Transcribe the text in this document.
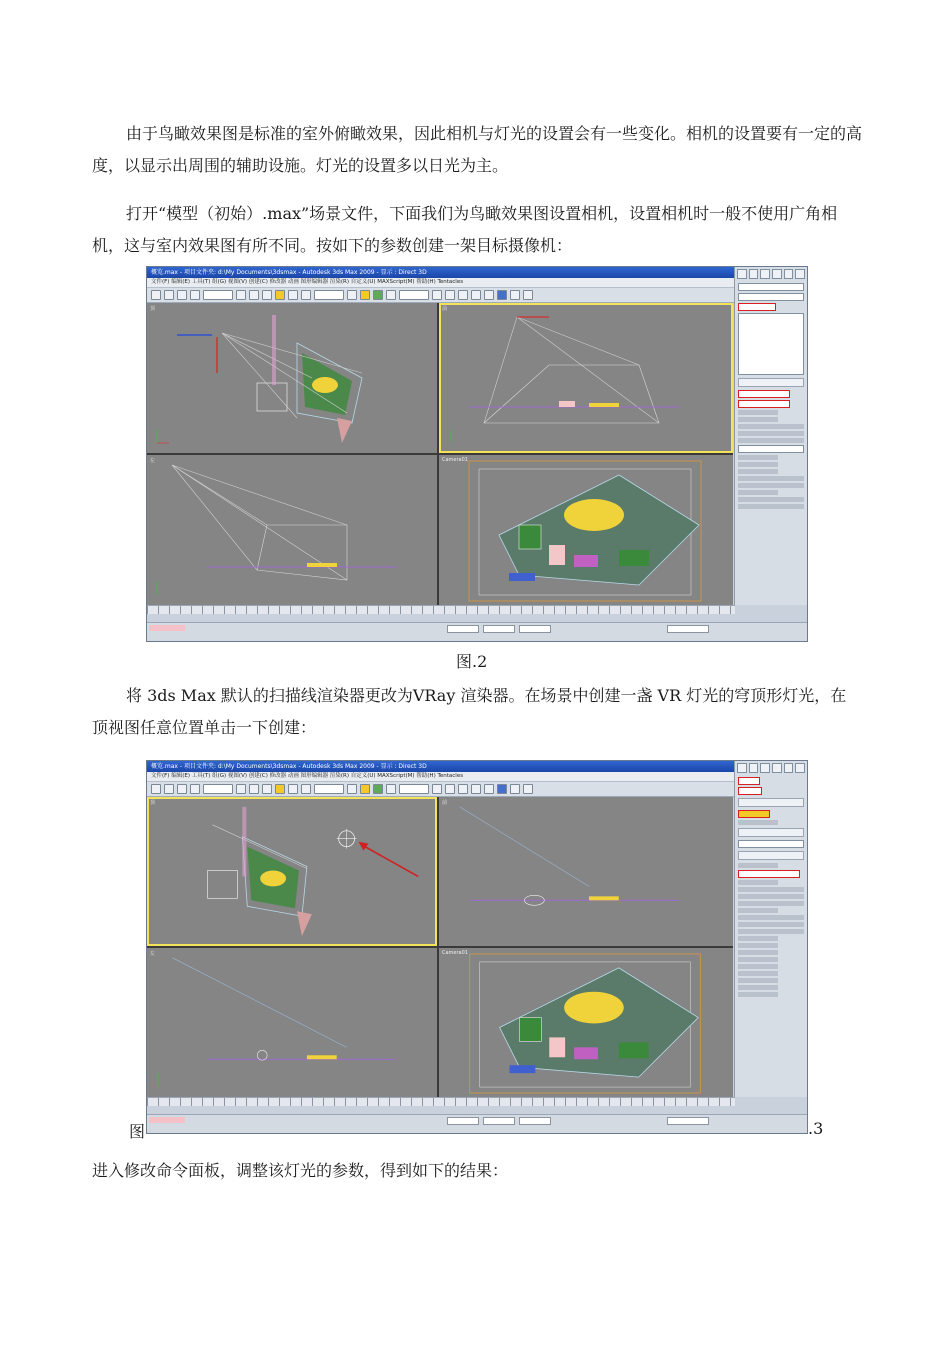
由于鸟瞰效果图是标准的室外俯瞰效果，因此相机与灯光的设置会有一些变化。相机的设置要有一定的高度，以显示出周围的辅助设施。灯光的设置多以日光为主。

打开“模型（初始）.max”场景文件，下面我们为鸟瞰效果图设置相机，设置相机时一般不使用广角相机，这与室内效果图有所不同。按如下的参数创建一架目标摄像机：

概览.max - 项目文件夹: d:\My Documents\3dsmax - Autodesk 3ds Max 2009 - 显示 : Direct 3D
文件(F) 编辑(E) 工具(T) 组(G) 视图(V) 创建(C) 修改器 动画 图形编辑器 渲染(R) 自定义(U) MAXScript(M) 帮助(H) Tentacles
顶	前
左	Camera01
图.2

将 3ds Max 默认的扫描线渲染器更改为VRay 渲染器。在场景中创建一盏 VR 灯光的穹顶形灯光，在顶视图任意位置单击一下创建：

图
概览.max - 项目文件夹: d:\My Documents\3dsmax - Autodesk 3ds Max 2009 - 显示 : Direct 3D
文件(F) 编辑(E) 工具(T) 组(G) 视图(V) 创建(C) 修改器 动画 图形编辑器 渲染(R) 自定义(U) MAXScript(M) 帮助(H) Tentacles
顶	前
左	Camera01
.3

进入修改命令面板，调整该灯光的参数，得到如下的结果：
